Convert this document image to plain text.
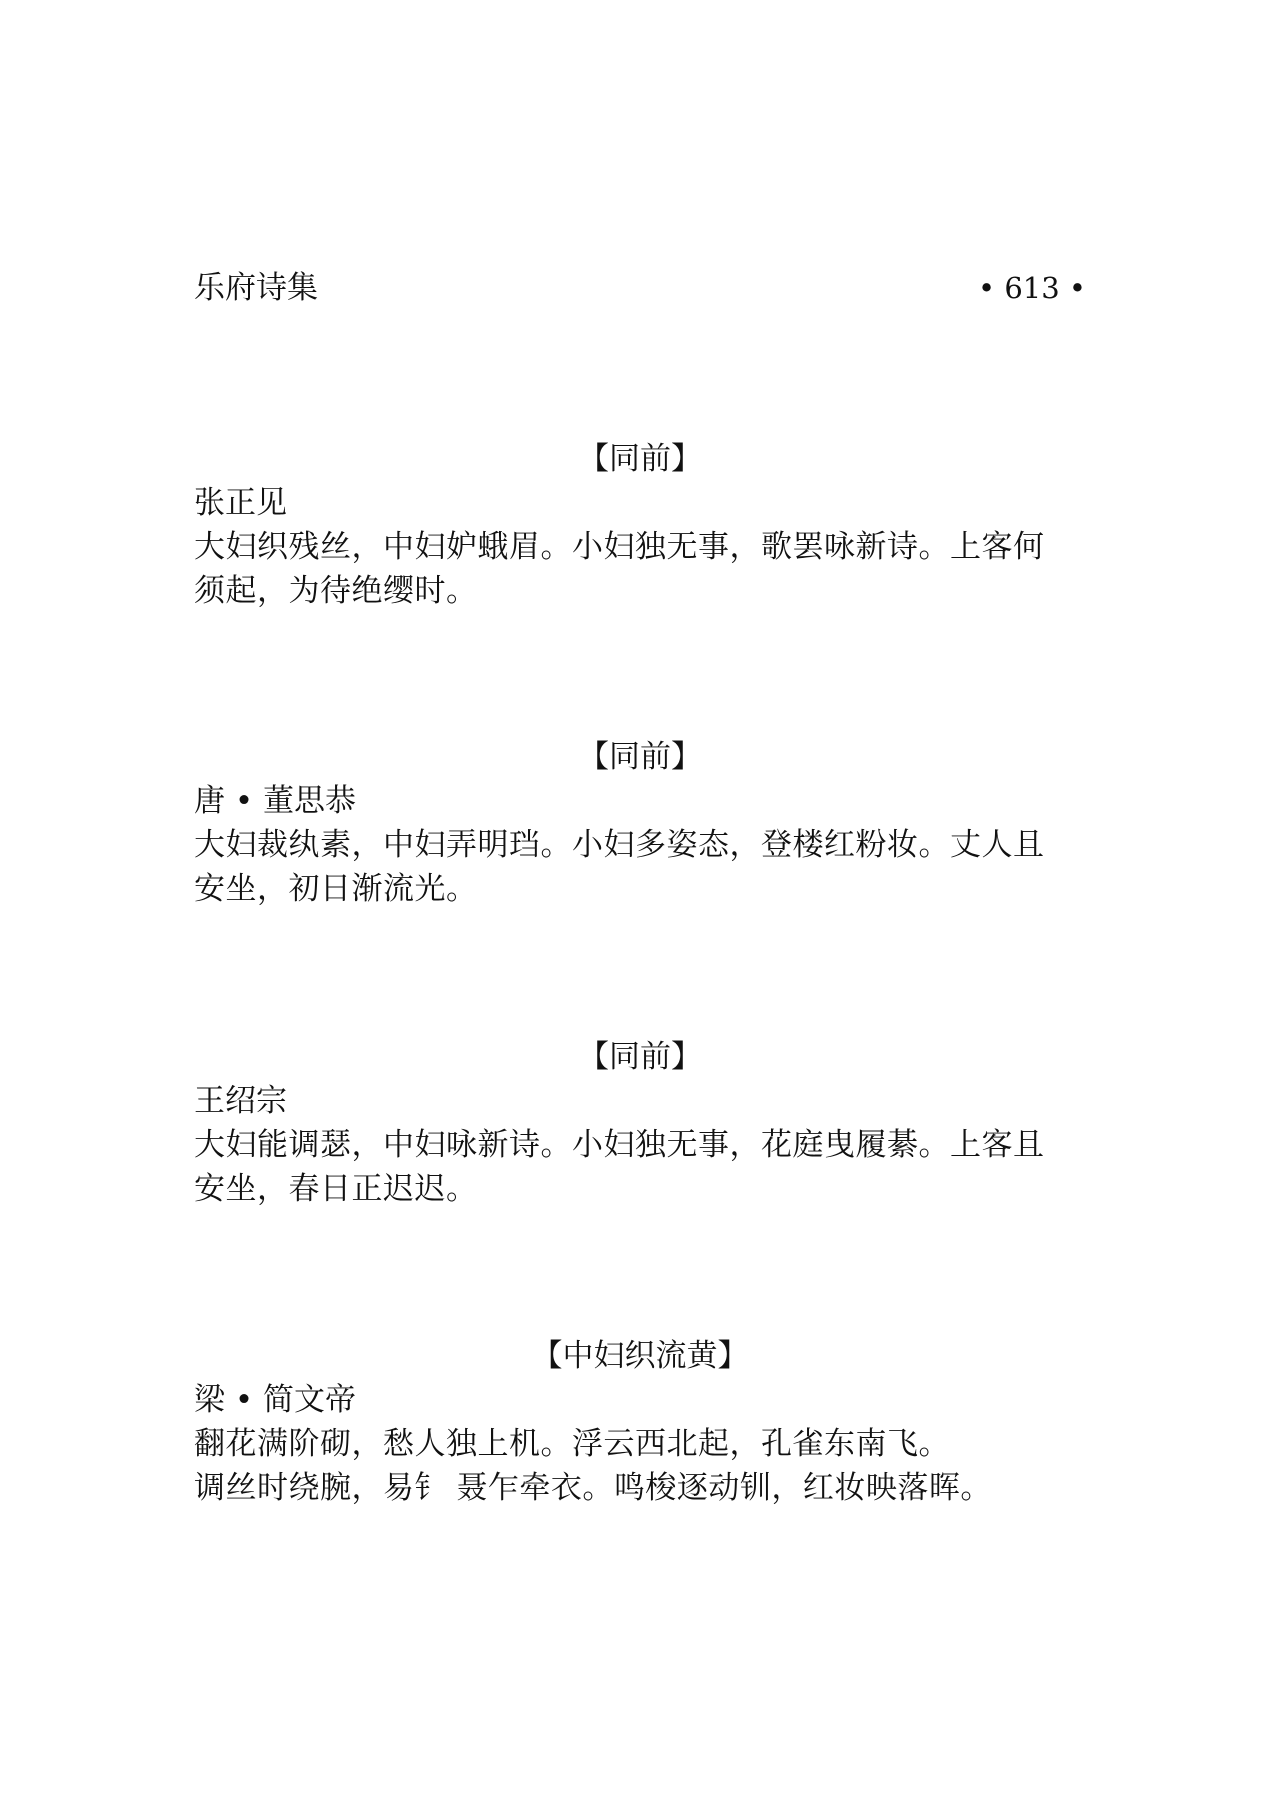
乐府诗集	• 613 •
【同前】
张正见
大妇织残丝，中妇妒蛾眉。小妇独无事，歌罢咏新诗。上客何
须起，为待绝缨时。
【同前】
唐 • 董思恭
大妇裁纨素，中妇弄明珰。小妇多姿态，登楼红粉妆。丈人且
安坐，初日渐流光。
【同前】
王绍宗
大妇能调瑟，中妇咏新诗。小妇独无事，花庭曳履綦。上客且
安坐，春日正迟迟。
【中妇织流黄】
梁 • 简文帝
翻花满阶砌，愁人独上机。浮云西北起，孔雀东南飞。
调丝时绕腕，易钅 聂乍牵衣。鸣梭逐动钏，红妆映落晖。
